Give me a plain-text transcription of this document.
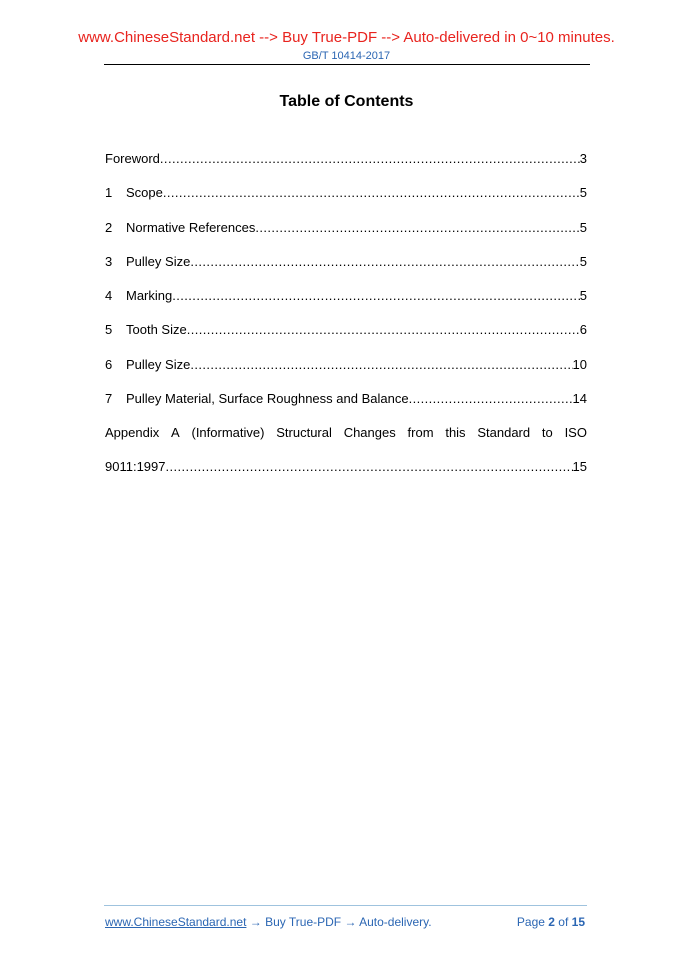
www.ChineseStandard.net --> Buy True-PDF --> Auto-delivered in 0~10 minutes.
GB/T 10414-2017
Table of Contents
Foreword .....	3
1	Scope .....	5
2	Normative References .....	5
3	Pulley Size .....	5
4	Marking .....	5
5	Tooth Size .....	6
6	Pulley Size .....	10
7	Pulley Material, Surface Roughness and Balance .....	14
Appendix A (Informative) Structural Changes from this Standard to ISO
9011:1997 .....	15
www.ChineseStandard.net → Buy True-PDF → Auto-delivery.	Page 2 of 15
